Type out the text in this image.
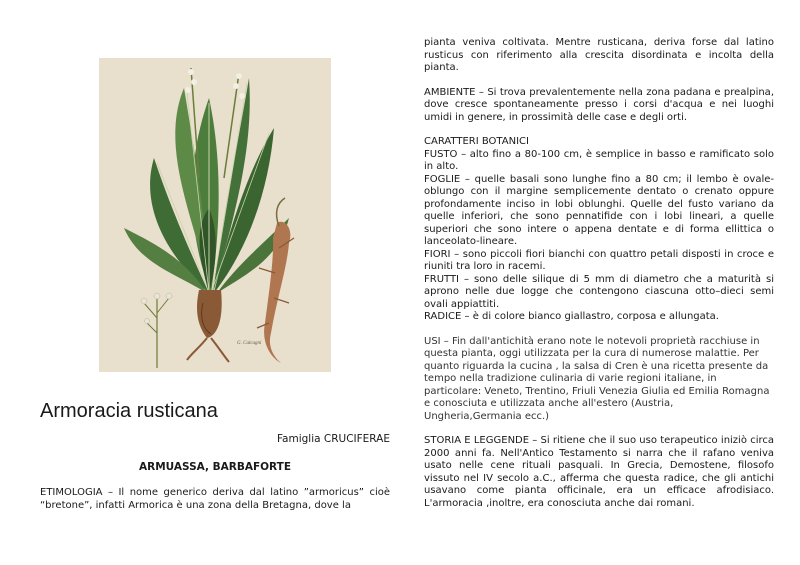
G. Calcagni
Armoracia rusticana
Famiglia CRUCIFERAE
ARMUASSA, BARBAFORTE

ETIMOLOGIA – Il nome generico deriva dal latino ”armoricus” cioè “bretone”, infatti Armorica è una zona della Bretagna, dove la

pianta veniva coltivata. Mentre rusticana, deriva forse dal latino rusticus con riferimento alla crescita disordinata e incolta della pianta.

AMBIENTE – Si trova prevalentemente nella zona padana e prealpina, dove cresce spontaneamente presso i corsi d'acqua e nei luoghi umidi in genere, in prossimità delle case e degli orti.

CARATTERI BOTANICI

FUSTO – alto fino a 80-100 cm, è semplice in basso e ramificato solo in alto.

FOGLIE – quelle basali sono lunghe fino a 80 cm; il lembo è ovale-oblungo con il margine semplicemente dentato o crenato oppure profondamente inciso in lobi oblunghi. Quelle del fusto variano da quelle inferiori, che sono pennatifide con i lobi lineari, a quelle superiori che sono intere o appena dentate e di forma ellittica o lanceolato-lineare.

FIORI – sono piccoli fiori bianchi con quattro petali disposti in croce e riuniti tra loro in racemi.

FRUTTI – sono delle silique di 5 mm di diametro che a maturità si aprono nelle due logge che contengono ciascuna otto–dieci semi ovali appiattiti.

RADICE – è di colore bianco giallastro, corposa e allungata.

USI – Fin dall'antichità erano note le notevoli proprietà racchiuse in questa pianta, oggi utilizzata per la cura di numerose malattie. Per quanto riguarda la cucina , la salsa di Cren è una ricetta presente da tempo nella tradizione culinaria di varie regioni italiane, in particolare: Veneto, Trentino, Friuli Venezia Giulia ed Emilia Romagna e conosciuta e utilizzata anche all'estero (Austria, Ungheria,Germania ecc.)

STORIA E LEGGENDE – Si ritiene che il suo uso terapeutico iniziò circa 2000 anni fa. Nell'Antico Testamento si narra che il rafano veniva usato nelle cene rituali pasquali. In Grecia, Demostene, filosofo vissuto nel IV secolo a.C., afferma che questa radice, che gli antichi usavano come pianta officinale, era un efficace afrodisiaco. L'armoracia ,inoltre, era conosciuta anche dai romani.
